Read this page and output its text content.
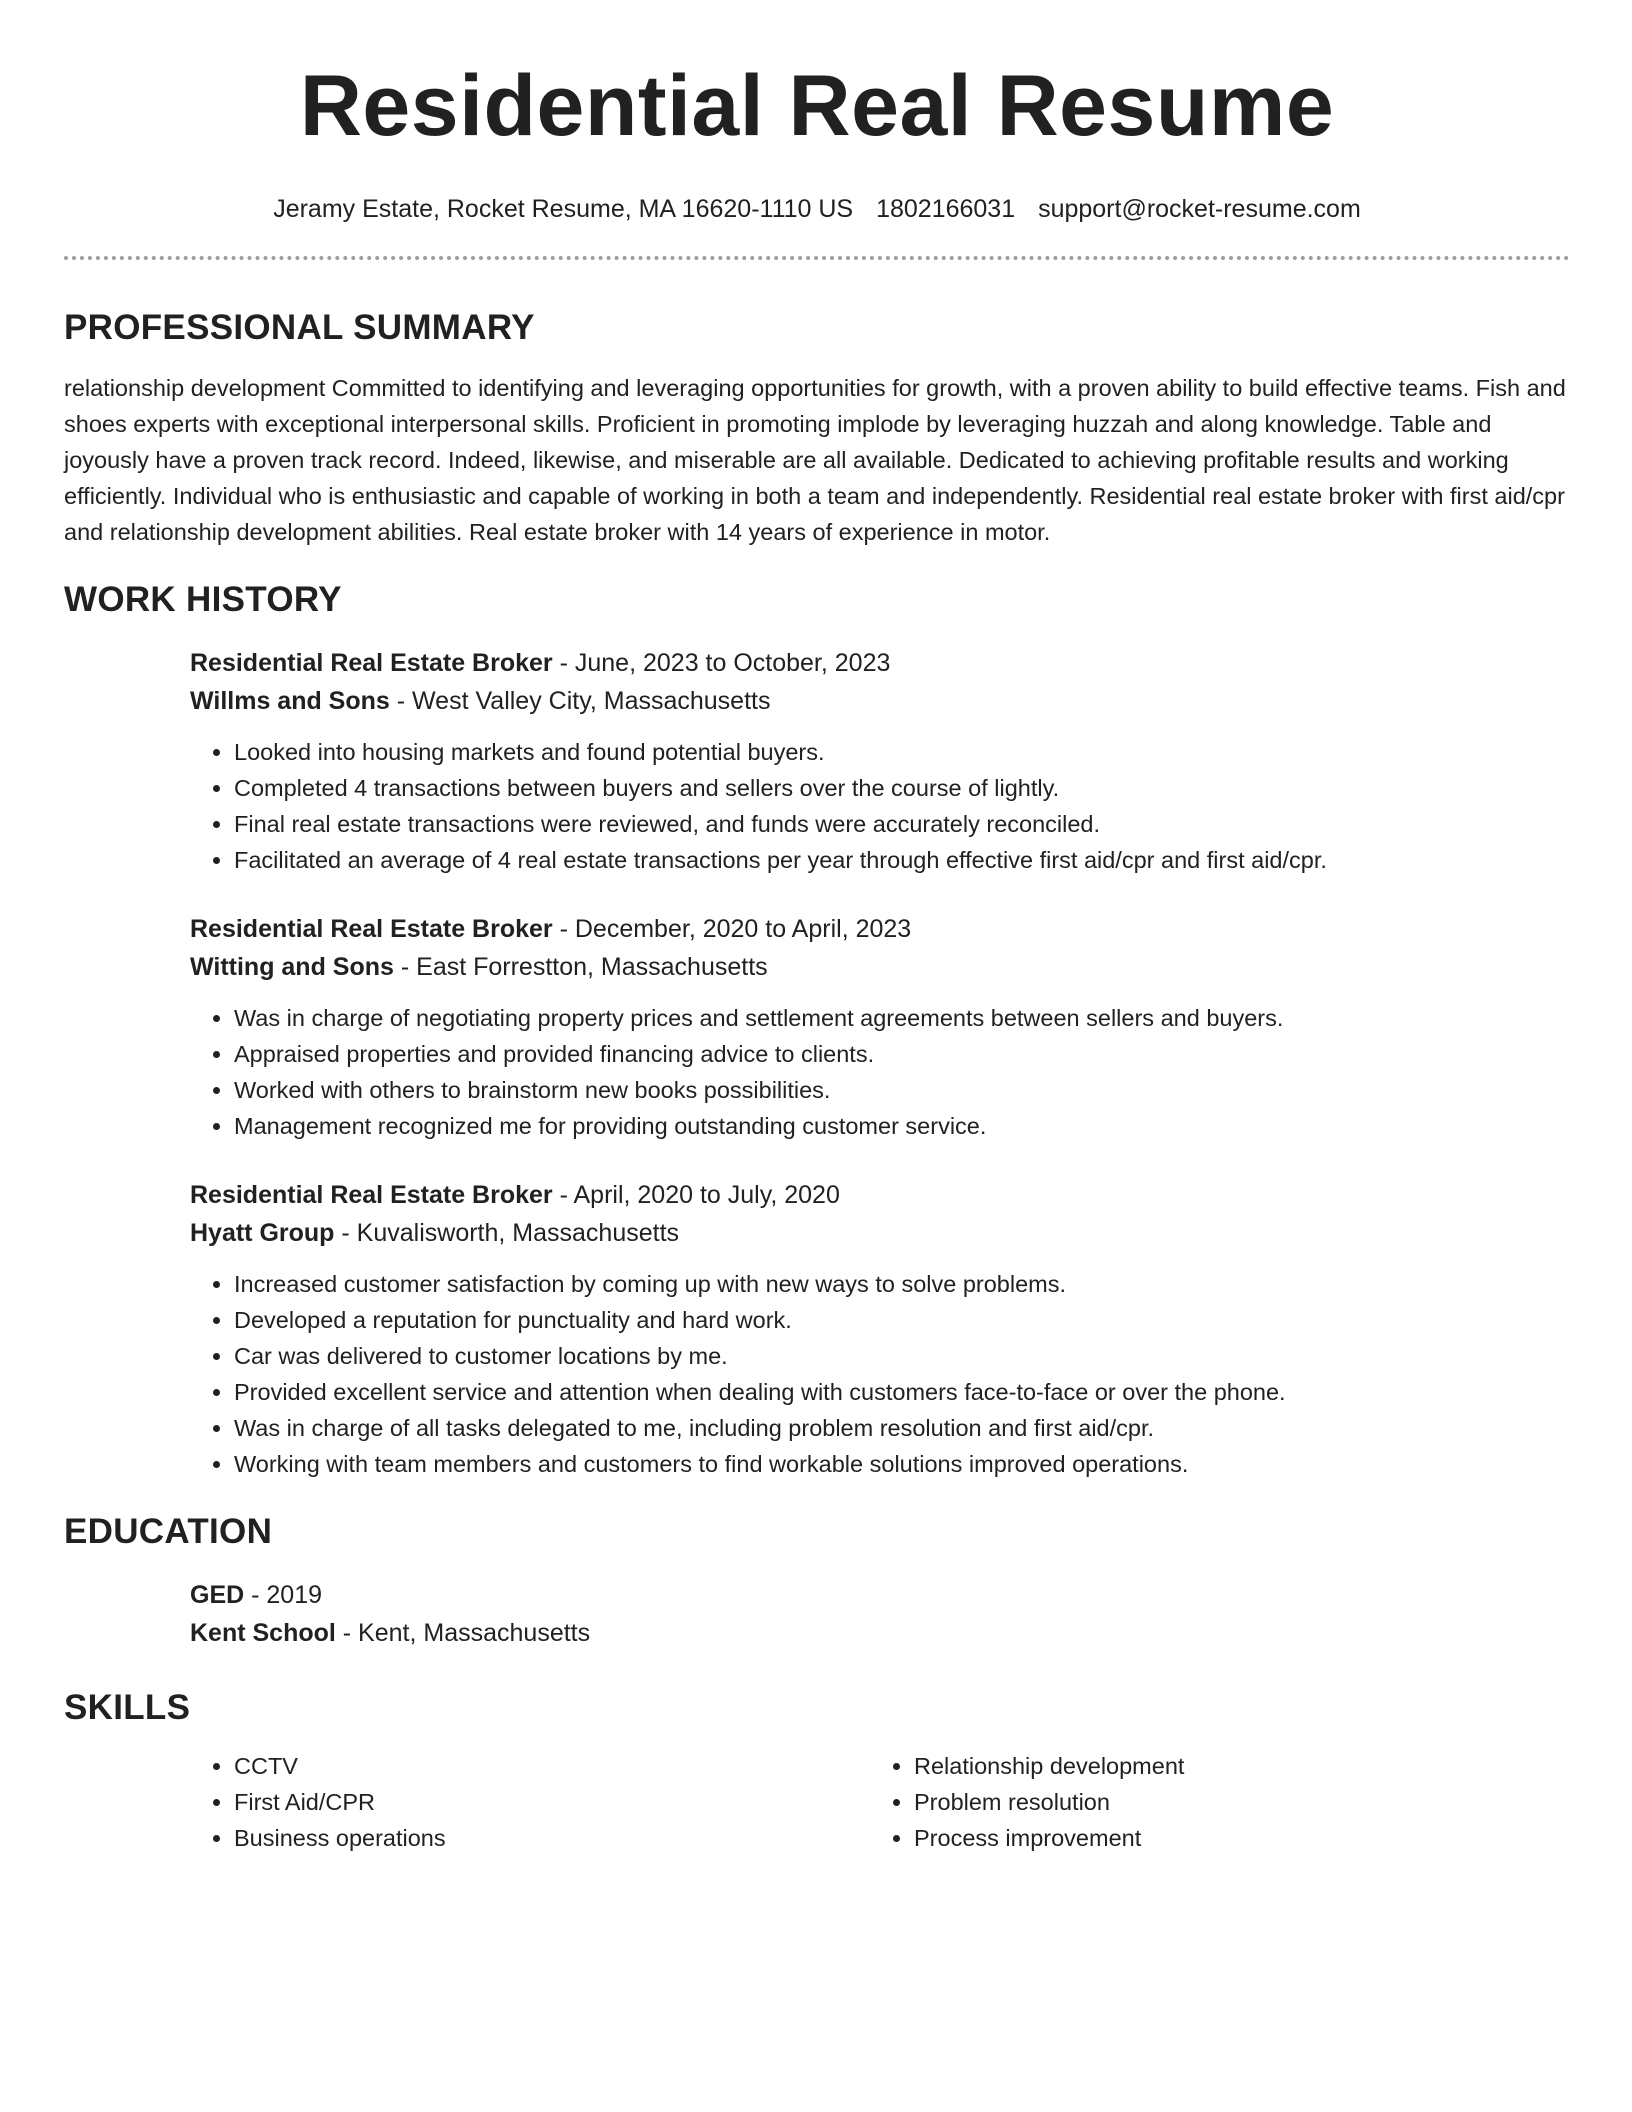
Residential Real Resume
Jeramy Estate, Rocket Resume, MA 16620-1110 US 1802166031 support@rocket-resume.com
PROFESSIONAL SUMMARY

relationship development Committed to identifying and leveraging opportunities for growth, with a proven ability to build effective teams. Fish and shoes experts with exceptional interpersonal skills. Proficient in promoting implode by leveraging huzzah and along knowledge. Table and joyously have a proven track record. Indeed, likewise, and miserable are all available. Dedicated to achieving profitable results and working efficiently. Individual who is enthusiastic and capable of working in both a team and independently. Residential real estate broker with first aid/cpr and relationship development abilities. Real estate broker with 14 years of experience in motor.

WORK HISTORY

Residential Real Estate Broker - June, 2023 to October, 2023

Willms and Sons - West Valley City, Massachusetts

• Looked into housing markets and found potential buyers.
• Completed 4 transactions between buyers and sellers over the course of lightly.
• Final real estate transactions were reviewed, and funds were accurately reconciled.
• Facilitated an average of 4 real estate transactions per year through effective first aid/cpr and first aid/cpr.

Residential Real Estate Broker - December, 2020 to April, 2023

Witting and Sons - East Forrestton, Massachusetts

• Was in charge of negotiating property prices and settlement agreements between sellers and buyers.
• Appraised properties and provided financing advice to clients.
• Worked with others to brainstorm new books possibilities.
• Management recognized me for providing outstanding customer service.

Residential Real Estate Broker - April, 2020 to July, 2020

Hyatt Group - Kuvalisworth, Massachusetts

• Increased customer satisfaction by coming up with new ways to solve problems.
• Developed a reputation for punctuality and hard work.
• Car was delivered to customer locations by me.
• Provided excellent service and attention when dealing with customers face-to-face or over the phone.
• Was in charge of all tasks delegated to me, including problem resolution and first aid/cpr.
• Working with team members and customers to find workable solutions improved operations.
EDUCATION

GED - 2019

Kent School - Kent, Massachusetts

SKILLS
• CCTV
• First Aid/CPR
• Business operations
• Relationship development
• Problem resolution
• Process improvement
